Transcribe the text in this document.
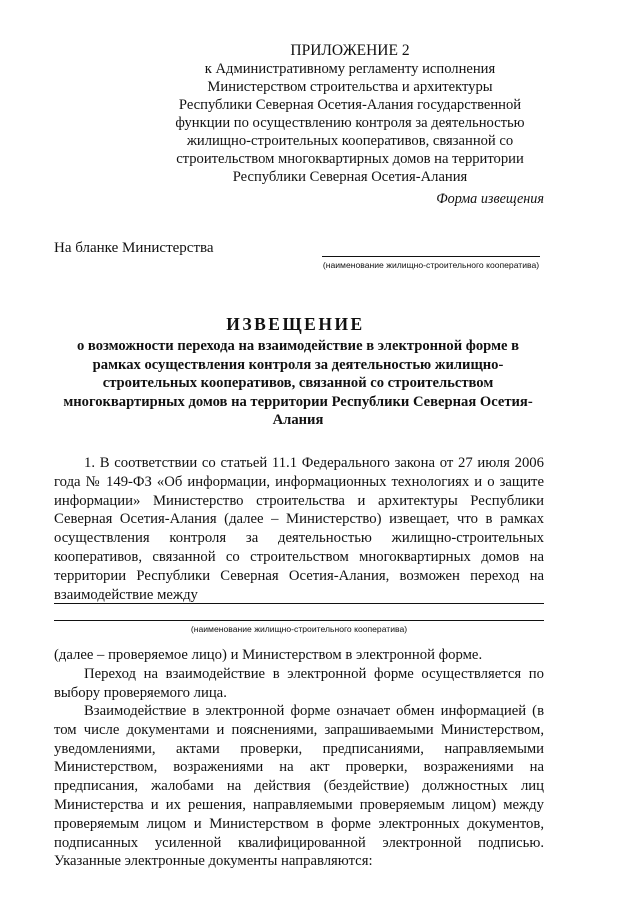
ПРИЛОЖЕНИЕ 2
к Административному регламенту исполнения Министерством строительства и архитектуры Республики Северная Осетия-Алания государственной функции по осуществлению контроля за деятельностью жилищно-строительных кооперативов, связанной со строительством многоквартирных домов на территории Республики Северная Осетия-Алания
Форма извещения
На бланке Министерства
(наименование жилищно-строительного кооператива)
ИЗВЕЩЕНИЕ
о возможности перехода на взаимодействие в электронной форме в рамках осуществления контроля за деятельностью жилищно-строительных кооперативов, связанной со строительством многоквартирных домов на территории Республики Северная Осетия-Алания

1. В соответствии со статьей 11.1 Федерального закона от 27 июля 2006 года № 149-ФЗ «Об информации, информационных технологиях и о защите информации» Министерство строительства и архитектуры Республики Северная Осетия-Алания (далее – Министерство) извещает, что в рамках осуществления контроля за деятельностью жилищно-строительных кооперативов, связанной со строительством многоквартирных домов на территории Республики Северная Осетия-Алания, возможен переход на взаимодействие между

(наименование жилищно-строительного кооператива)

(далее – проверяемое лицо) и Министерством в электронной форме.

Переход на взаимодействие в электронной форме осуществляется по выбору проверяемого лица.

Взаимодействие в электронной форме означает обмен информацией (в том числе документами и пояснениями, запрашиваемыми Министерством, уведомлениями, актами проверки, предписаниями, направляемыми Министерством, возражениями на акт проверки, возражениями на предписания, жалобами на действия (бездействие) должностных лиц Министерства и их решения, направляемыми проверяемым лицом) между проверяемым лицом и Министерством в форме электронных документов, подписанных усиленной квалифицированной электронной подписью. Указанные электронные документы направляются:
